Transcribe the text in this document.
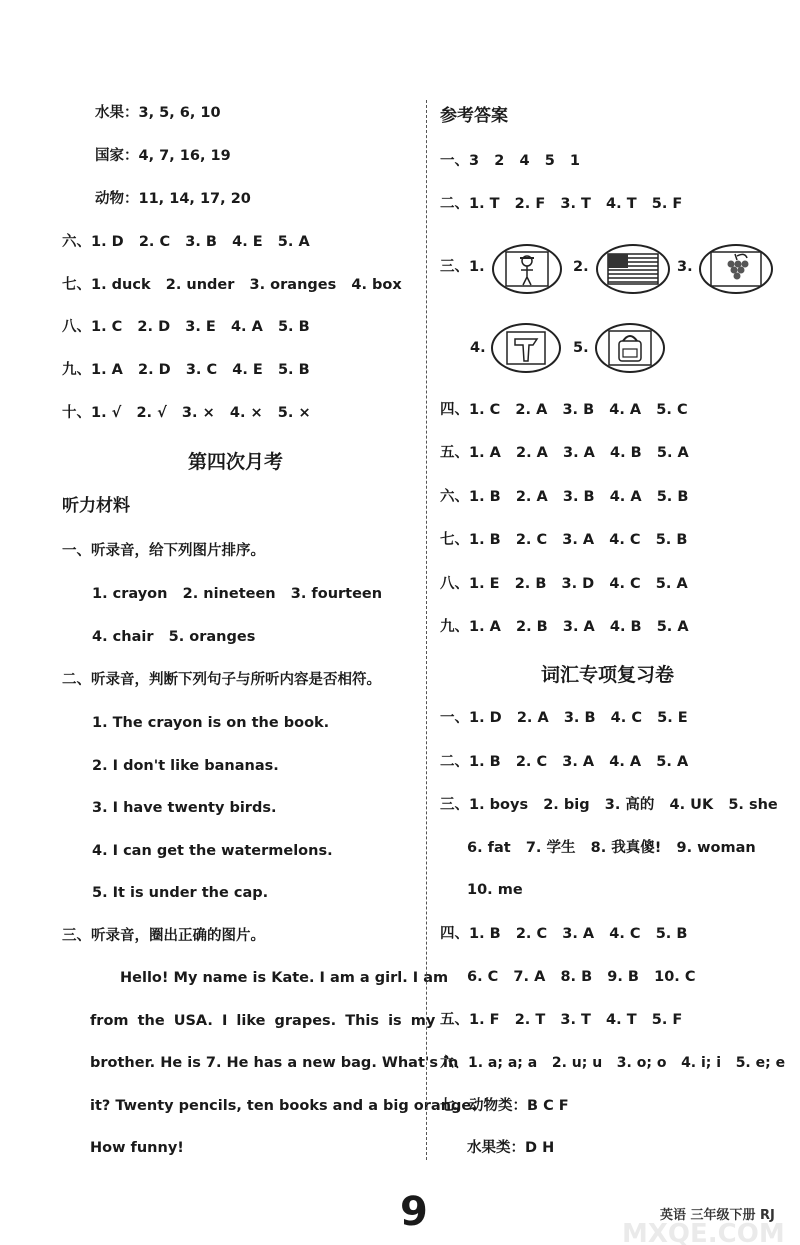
水果：3, 5, 6, 10
国家：4, 7, 16, 19
动物：11, 14, 17, 20
六、1. D   2. C   3. B   4. E   5. A
七、1. duck   2. under   3. oranges   4. box
八、1. C   2. D   3. E   4. A   5. B
九、1. A   2. D   3. C   4. E   5. B
十、1. √   2. √   3. ×   4. ×   5. ×
第四次月考
听力材料
一、听录音，给下列图片排序。
1. crayon   2. nineteen   3. fourteen
4. chair   5. oranges
二、听录音，判断下列句子与所听内容是否相符。
1. The crayon is on the book.
2. I don't like bananas.
3. I have twenty birds.
4. I can get the watermelons.
5. It is under the cap.
三、听录音，圈出正确的图片。
Hello! My name is Kate. I am a girl. I am
from the USA. I like grapes. This is my
brother. He is 7. He has a new bag. What's in
it? Twenty pencils, ten books and a big orange.
How funny!
参考答案
一、3   2   4   5   1
二、1. T   2. F   3. T   4. T   5. F
三、1.	2.	3.
4.	5.
四、1. C   2. A   3. B   4. A   5. C
五、1. A   2. A   3. A   4. B   5. A
六、1. B   2. A   3. B   4. A   5. B
七、1. B   2. C   3. A   4. C   5. B
八、1. E   2. B   3. D   4. C   5. A
九、1. A   2. B   3. A   4. B   5. A
词汇专项复习卷
一、1. D   2. A   3. B   4. C   5. E
二、1. B   2. C   3. A   4. A   5. A
三、1. boys   2. big   3. 高的   4. UK   5. she
6. fat   7. 学生   8. 我真傻!   9. woman
10. me
四、1. B   2. C   3. A   4. C   5. B
6. C   7. A   8. B   9. B   10. C
五、1. F   2. T   3. T   4. T   5. F
六、1. a; a; a   2. u; u   3. o; o   4. i; i   5. e; e
七、动物类：B C F
水果类：D H
9	英语 三年级下册 RJ
MXQE.COM
